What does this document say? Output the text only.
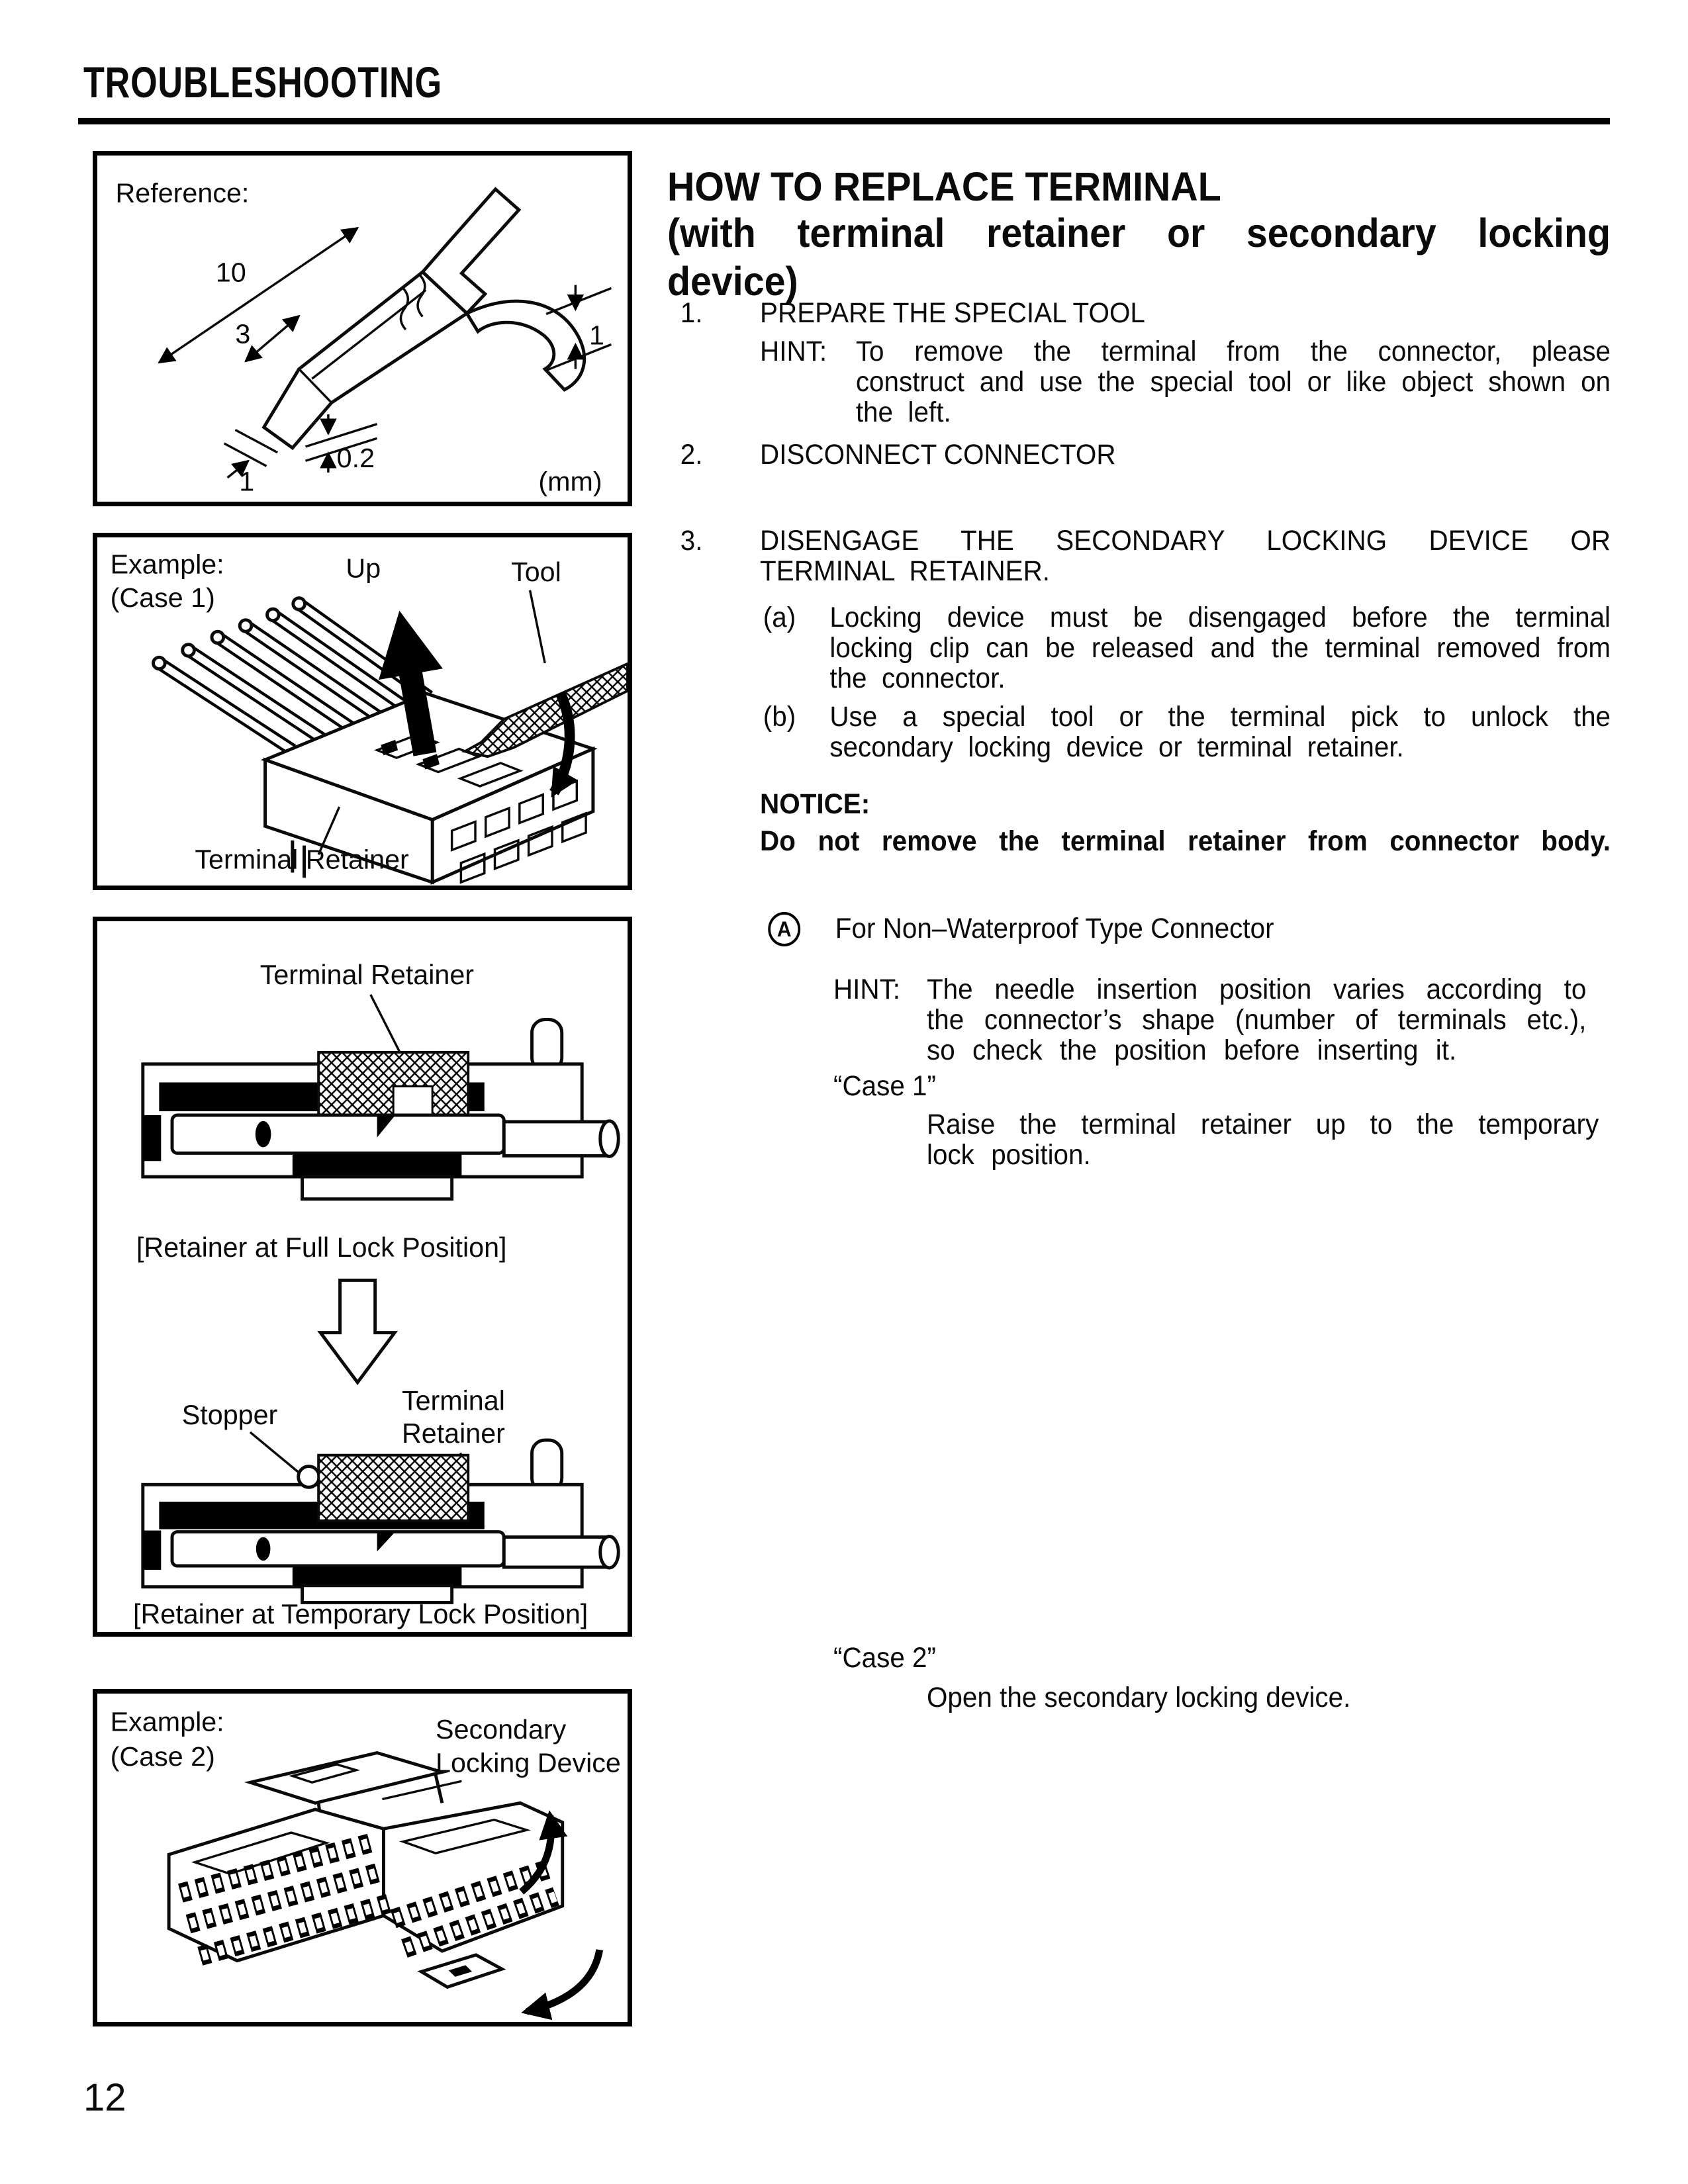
TROUBLESHOOTING
Reference:
10
3	1
0.2
1	(mm)
Example:
(Case 1)
Up	Tool
Terminal Retainer
Terminal Retainer
[Retainer at Full Lock Position]
Stopper	Terminal
Retainer
[Retainer at Temporary Lock Position]
Example:
(Case 2)
Secondary
Locking Device
HOW TO REPLACE TERMINAL
(with terminal retainer or secondary locking device)
1.	PREPARE THE SPECIAL TOOL
HINT:	To remove the terminal from the connector, please construct and use the special tool or like object shown on the left.
2.	DISCONNECT CONNECTOR
3.	DISENGAGE THE SECONDARY LOCKING DEVICE OR TERMINAL RETAINER.
(a)	Locking device must be disengaged before the terminal locking clip can be released and the terminal removed from the connector.
(b)	Use a special tool or the terminal pick to unlock the secondary locking device or terminal retainer.
NOTICE:
Do not remove the terminal retainer from connector body.
A	For Non–Waterproof Type Connector
HINT: The needle insertion position varies according to the connector’s shape (number of terminals etc.), so check the position before inserting it.
“Case 1”
Raise the terminal retainer up to the temporary lock position.
“Case 2”
Open the secondary locking device.
12
